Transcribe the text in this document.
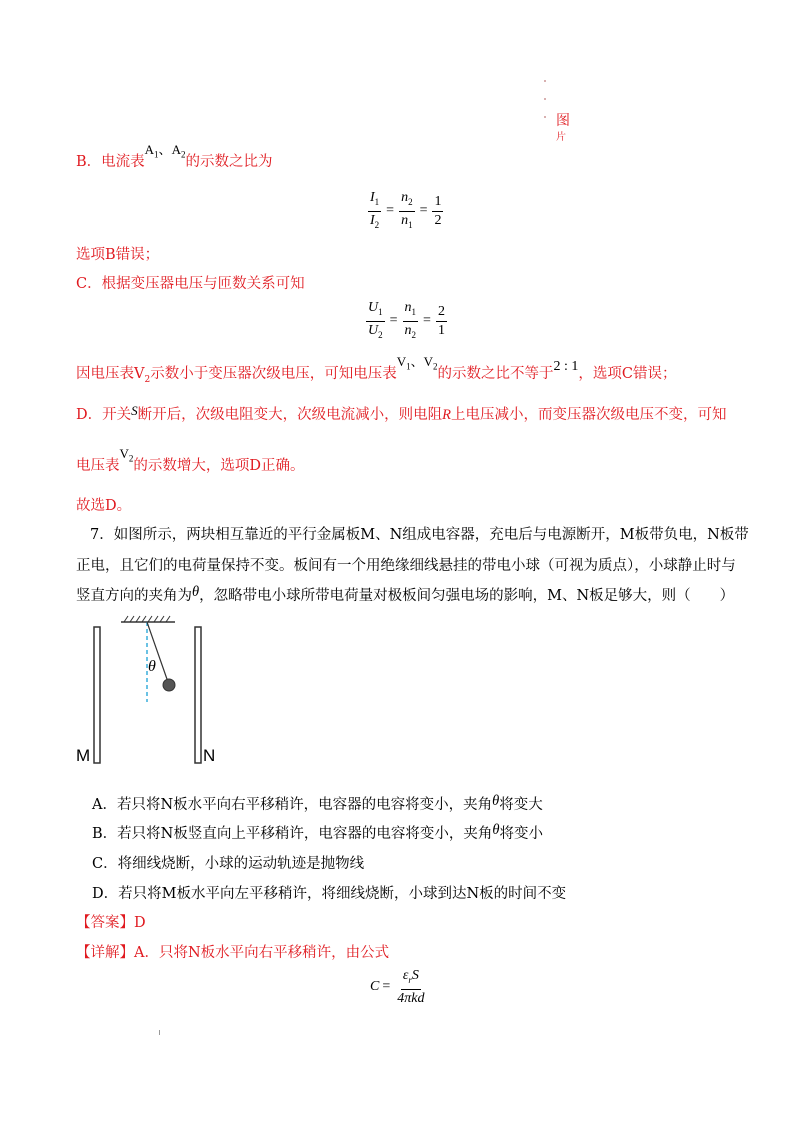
图
片
B．电流表$A_1$、$A_2$的示数之比为
$\frac{I_1}{I_2} = \frac{n_2}{n_1} = \frac{1}{2}$
选项B错误；
C．根据变压器电压与匝数关系可知
$\frac{U_1}{U_2} = \frac{n_1}{n_2} = \frac{2}{1}$
因电压表$V_2$示数小于变压器次级电压，可知电压表$V_1$、$V_2$的示数之比不等于2 : 1，选项C错误；
D．开关S断开后，次级电阻变大，次级电流减小，则电阻R上电压减小，而变压器次级电压不变，可知
电压表$V_2$的示数增大，选项D正确。
故选D。
7．如图所示，两块相互靠近的平行金属板M、N组成电容器，充电后与电源断开，M板带负电，N板带
正电，且它们的电荷量保持不变。板间有一个用绝缘细线悬挂的带电小球（可视为质点），小球静止时与
竖直方向的夹角为θ，忽略带电小球所带电荷量对极板间匀强电场的影响，M、N板足够大，则（　　）
θ
M	N
A．若只将N板水平向右平移稍许，电容器的电容将变小，夹角θ将变大
B．若只将N板竖直向上平移稍许，电容器的电容将变小，夹角θ将变小
C．将细线烧断，小球的运动轨迹是抛物线
D．若只将M板水平向左平移稍许，将细线烧断，小球到达N板的时间不变
【答案】D
【详解】A．只将N板水平向右平移稍许，由公式
$C = \frac{\varepsilon_rS}{\text{4πkd}}$
